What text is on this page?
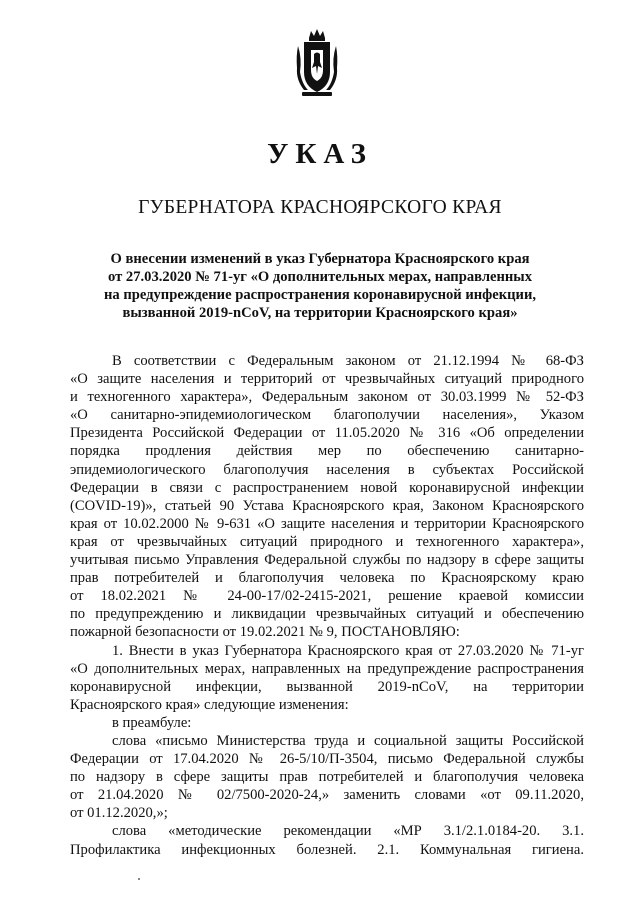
УКАЗ
ГУБЕРНАТОРА КРАСНОЯРСКОГО КРАЯ
О внесении изменений в указ Губернатора Красноярского края
от 27.03.2020 № 71-уг «О дополнительных мерах, направленных
на предупреждение распространения коронавирусной инфекции,
вызванной 2019-nCoV, на территории Красноярского края»
В соответствии с Федеральным законом от 21.12.1994 № 68-ФЗ
«О защите населения и территорий от чрезвычайных ситуаций природного
и техногенного характера», Федеральным законом от 30.03.1999 № 52-ФЗ
«О санитарно-эпидемиологическом благополучии населения», Указом
Президента Российской Федерации от 11.05.2020 № 316 «Об определении
порядка продления действия мер по обеспечению санитарно-
эпидемиологического благополучия населения в субъектах Российской
Федерации в связи с распространением новой коронавирусной инфекции
(COVID-19)», статьей 90 Устава Красноярского края, Законом Красноярского
края от 10.02.2000 № 9-631 «О защите населения и территории Красноярского
края от чрезвычайных ситуаций природного и техногенного характера»,
учитывая письмо Управления Федеральной службы по надзору в сфере защиты
прав потребителей и благополучия человека по Красноярскому краю
от 18.02.2021 № 24-00-17/02-2415-2021, решение краевой комиссии
по предупреждению и ликвидации чрезвычайных ситуаций и обеспечению
пожарной безопасности от 19.02.2021 № 9, ПОСТАНОВЛЯЮ:
1. Внести в указ Губернатора Красноярского края от 27.03.2020 № 71-уг
«О дополнительных мерах, направленных на предупреждение распространения
коронавирусной инфекции, вызванной 2019-nCoV, на территории
Красноярского края» следующие изменения:
в преамбуле:
слова «письмо Министерства труда и социальной защиты Российской
Федерации от 17.04.2020 № 26-5/10/П-3504, письмо Федеральной службы
по надзору в сфере защиты прав потребителей и благополучия человека
от 21.04.2020 № 02/7500-2020-24,» заменить словами «от 09.11.2020,
от 01.12.2020,»;
слова «методические рекомендации «МР 3.1/2.1.0184-20. 3.1.
Профилактика инфекционных болезней. 2.1. Коммунальная гигиена.
